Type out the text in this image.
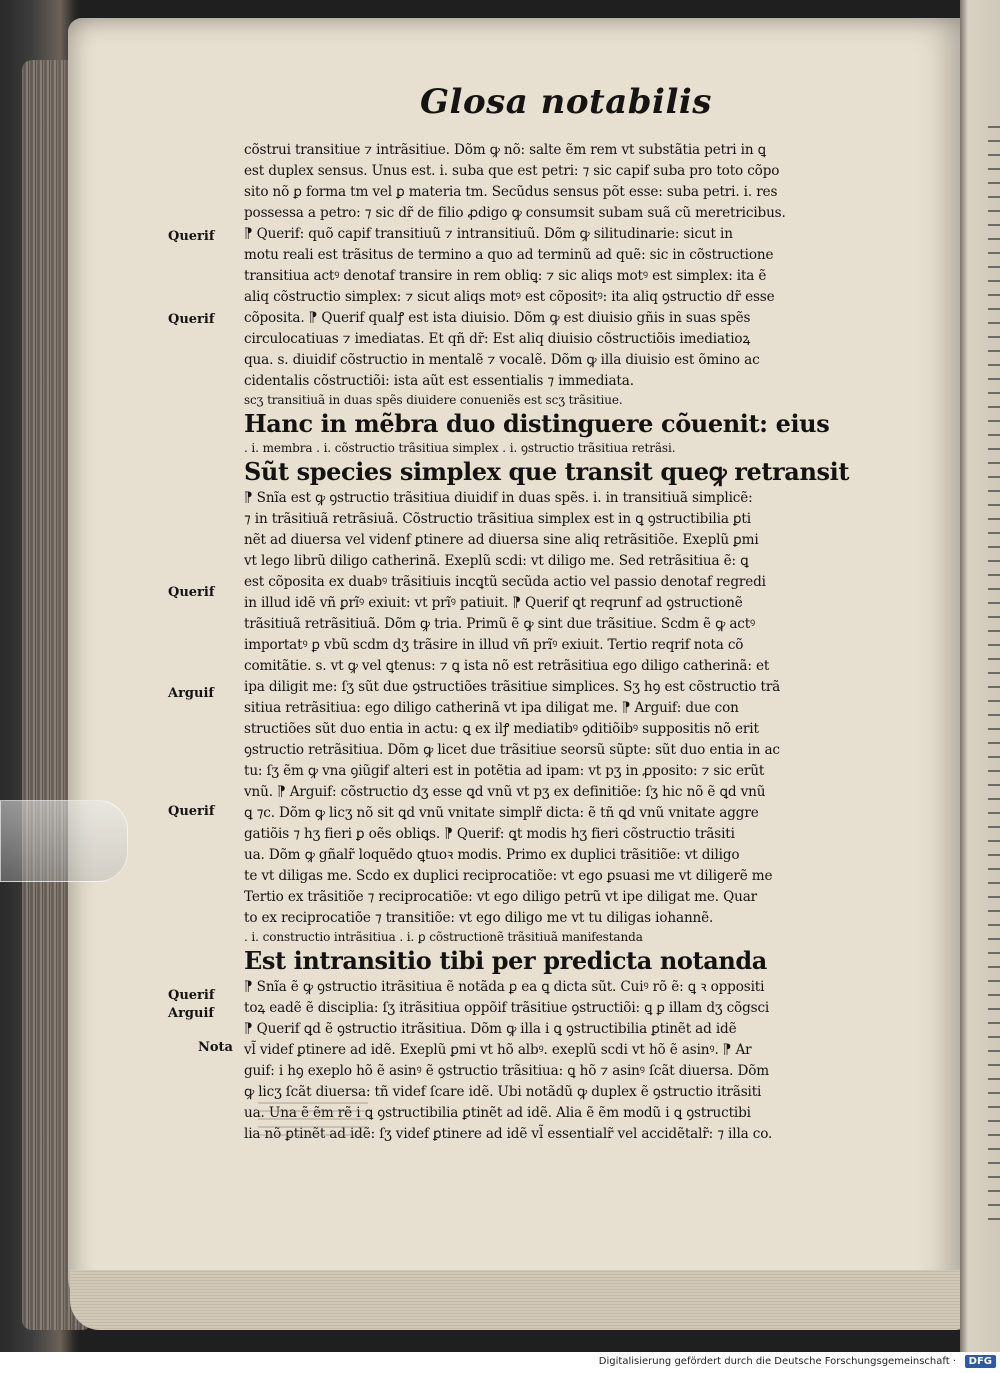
Glosa notabilis
Querif
Querif
Querif
Arguif
Querif
Querif
Arguif
Nota
cõstrui transitiue ⁊ intrãsitiue. Dõm ꝙ nõ: salte ẽm rem vt substãtia petri in ꝗ
est duplex sensus. Unus est. i. suba que est petri: ⁊ sic capif suba pro toto cõpo
sito nõ ꝑ forma tm vel ꝑ materia tm. Secũdus sensus põt esse: suba petri. i. res
possessa a petro: ⁊ sic dr̃ de filio ꝓdigo ꝙ consumsit subam suã cũ meretricibus.
⁋ Querif: quõ capif transitiuũ ⁊ intransitiuũ. Dõm ꝙ silitudinarie: sicut in
motu reali est trãsitus de termino a quo ad terminũ ad quẽ: sic in cõstructione
transitiua actꝰ denotaf transire in rem obliꝗ: ⁊ sic aliqs motꝰ est simplex: ita ẽ
aliq cõstructio simplex: ⁊ sicut aliqs motꝰ est cõpositꝰ: ita aliq ꝯstructio dr̃ esse
cõposita. ⁋ Querif qualꝭ est ista diuisio. Dõm ꝙ est diuisio gñis in suas spẽs
circulocatiuas ⁊ imediatas. Et qñ dr̃: Est aliq diuisio cõstructiõis imediatioꝝ
qua. s. diuidif cõstructio in mentalẽ ⁊ vocalẽ. Dõm ꝙ illa diuisio est õmino ac
cidentalis cõstructiõi: ista aũt est essentialis ⁊ immediata.
scʒ transitiuã in duas spẽs diuidere conueniẽs est scʒ trãsitiue.
Hanc in mẽbra duo distinguere cõuenit: eius
. i. membra . i. cõstructio trãsitiua simplex . i. ꝯstructio trãsitiua retrãsi.
Sũt species simplex que transit queꝙ retransit
⁋ Snĩa est ꝙ ꝯstructio trãsitiua diuidif in duas spẽs. i. in transitiuã simplicẽ:
⁊ in trãsitiuã retrãsiuã. Cõstructio trãsitiua simplex est in ꝗ ꝯstructibilia ꝑti
nẽt ad diuersa vel videnf ꝑtinere ad diuersa sine aliq retrãsitiõe. Exeplũ ꝑmi
vt lego librũ diligo catherinã. Exeplũ scdi: vt diligo me. Sed retrãsitiua ẽ: ꝗ
est cõposita ex duabꝰ trãsitiuis incꝗtũ secũda actio vel passio denotaf regredi
in illud idẽ vñ ꝑrĩꝰ exiuit: vt prĩꝰ patiuit. ⁋ Querif ꝗt reqrunf ad ꝯstructionẽ
trãsitiuã retrãsitiuã. Dõm ꝙ tria. Primũ ẽ ꝙ sint due trãsitiue. Scdm ẽ ꝙ actꝰ
importatꝰ ꝑ vbũ scdm dʒ trãsire in illud vñ prĩꝰ exiuit. Tertio reqrif nota cõ
comitãtie. s. vt ꝙ vel ꝗtenus: ⁊ ꝗ ista nõ est retrãsitiua ego diligo catherinã: et
ipa diligit me: ſʒ sũt due ꝯstructiões trãsitiue simplices. Sʒ hꝯ est cõstructio trã
sitiua retrãsitiua: ego diligo catherinã vt ipa diligat me. ⁋ Arguif: due con
structiões sũt duo entia in actu: ꝗ ex ilꝭ mediatibꝰ ꝯditiõibꝰ suppositis nõ erit
ꝯstructio retrãsitiua. Dõm ꝙ licet due trãsitiue seorsũ sũpte: sũt duo entia in ac
tu: ſʒ ẽm ꝙ vna ꝯiũgif alteri est in potẽtia ad ipam: vt pʒ in ꝓposito: ⁊ sic erũt
vnũ. ⁋ Arguif: cõstructio dʒ esse ꝗd vnũ vt pʒ ex definitiõe: ſʒ hic nõ ẽ ꝗd vnũ
ꝗ ⁊c. Dõm ꝙ licʒ nõ sit ꝗd vnũ vnitate simplr̃ dicta: ẽ tñ ꝗd vnũ vnitate aggre
gatiõis ⁊ hʒ fieri ꝑ oẽs obliꝗs. ⁋ Querif: ꝗt modis hʒ fieri cõstructio trãsiti
ua. Dõm ꝙ gñalr̃ loquẽdo ꝗtuoꝛ modis. Primo ex duplici trãsitiõe: vt diligo
te vt diligas me. Scdo ex duplici reciprocatiõe: vt ego ꝑsuasi me vt diligerẽ me
Tertio ex trãsitiõe ⁊ reciprocatiõe: vt ego diligo petrũ vt ipe diligat me. Quar
to ex reciprocatiõe ⁊ transitiõe: vt ego diligo me vt tu diligas iohannẽ.
. i. constructio intrãsitiua . i. ꝑ cõstructionẽ trãsitiuã manifestanda
Est intransitio tibi per predicta notanda
⁋ Snĩa ẽ ꝙ ꝯstructio itrãsitiua ẽ notãda ꝑ ea ꝗ dicta sũt. Cuiꝰ rõ ẽ: ꝗ ꝛ oppositi
toꝝ eadẽ ẽ disciplia: ſʒ itrãsitiua oppõif trãsitiue ꝯstructiõi: ꝗ ꝑ illam dʒ cõgsci
⁋ Querif ꝗd ẽ ꝯstructio itrãsitiua. Dõm ꝙ illa i ꝗ ꝯstructibilia ꝑtinẽt ad idẽ
vl̃ videf ꝑtinere ad idẽ. Exeplũ ꝑmi vt hõ albꝰ. exeplũ scdi vt hõ ẽ asinꝰ. ⁋ Ar
guif: i hꝯ exeplo hõ ẽ asinꝰ ẽ ꝯstructio trãsitiua: ꝗ hõ ⁊ asinꝰ ſcãt diuersa. Dõm
ꝙ licʒ ſcãt diuersa: tñ videf ſcare idẽ. Ubi notãdũ ꝙ duplex ẽ ꝯstructio itrãsiti
ua. Una ẽ ẽm rẽ i ꝗ ꝯstructibilia ꝑtinẽt ad idẽ. Alia ẽ ẽm modũ i ꝗ ꝯstructibi
lia nõ ꝑtinẽt ad idẽ: ſʒ videf ꝑtinere ad idẽ vl̃ essentialr̃ vel accidẽtalr̃: ⁊ illa co.
Digitalisierung gefördert durch die Deutsche Forschungsgemeinschaft ·	DFG
